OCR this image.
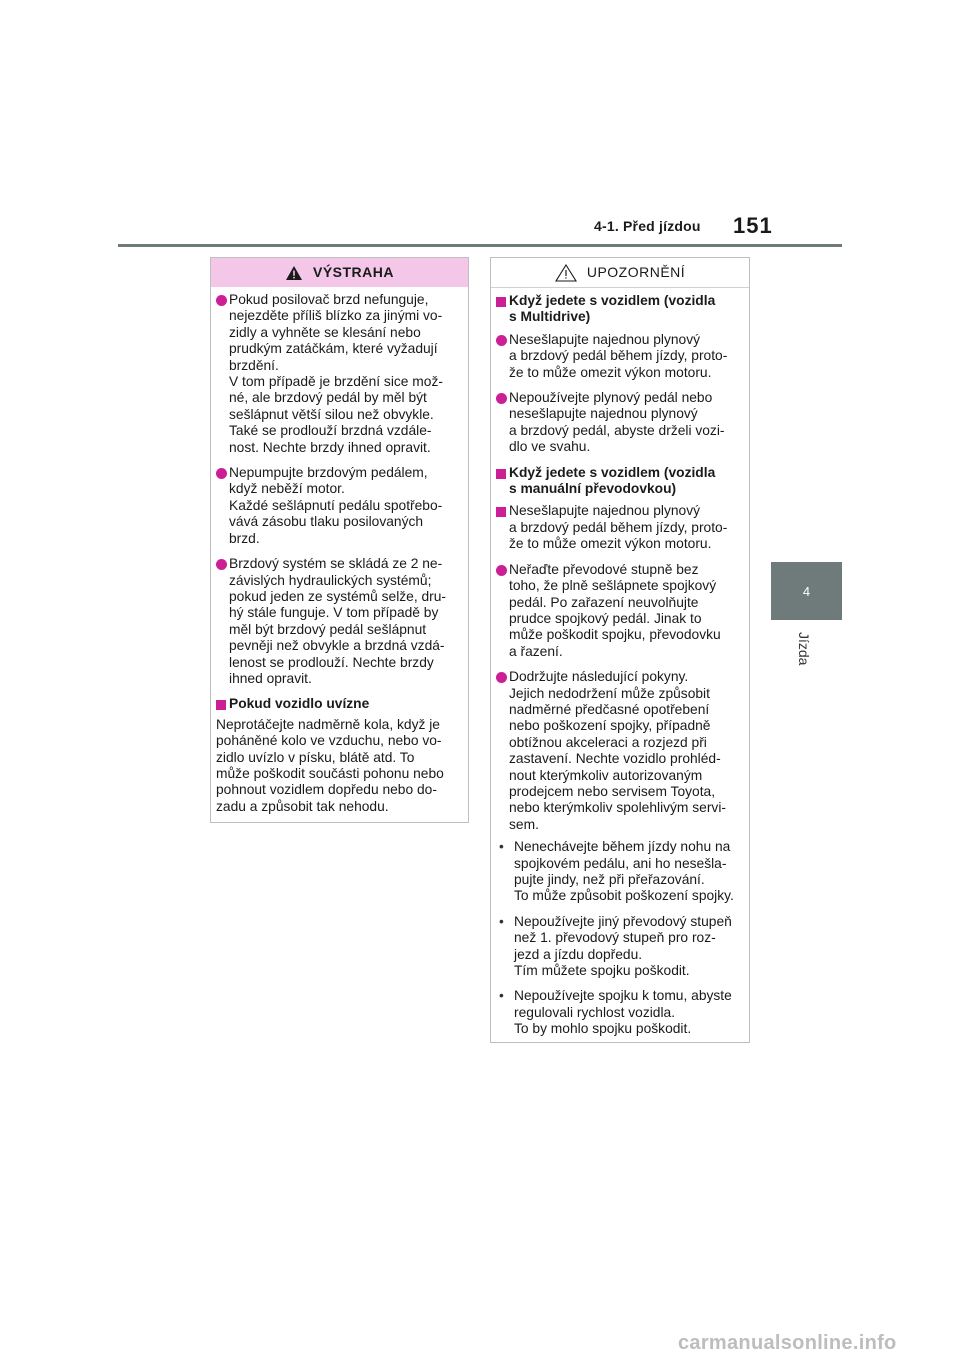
4-1. Před jízdou 151
4
Jízda
VÝSTRAHA
Pokud posilovač brzd nefunguje,
nejezděte příliš blízko za jinými vo-
zidly a vyhněte se klesání nebo
prudkým zatáčkám, které vyžadují
brzdění.
V tom případě je brzdění sice mož-
né, ale brzdový pedál by měl být
sešlápnut větší silou než obvykle.
Také se prodlouží brzdná vzdále-
nost. Nechte brzdy ihned opravit.
Nepumpujte brzdovým pedálem,
když neběží motor.
Každé sešlápnutí pedálu spotřebo-
vává zásobu tlaku posilovaných
brzd.
Brzdový systém se skládá ze 2 ne-
závislých hydraulických systémů;
pokud jeden ze systémů selže, dru-
hý stále funguje. V tom případě by
měl být brzdový pedál sešlápnut
pevněji než obvykle a brzdná vzdá-
lenost se prodlouží. Nechte brzdy
ihned opravit.
Pokud vozidlo uvízne
Neprotáčejte nadměrně kola, když je
poháněné kolo ve vzduchu, nebo vo-
zidlo uvízlo v písku, blátě atd. To
může poškodit součásti pohonu nebo
pohnout vozidlem dopředu nebo do-
zadu a způsobit tak nehodu.
UPOZORNĚNÍ
Když jedete s vozidlem (vozidla
s Multidrive)
Nesešlapujte najednou plynový
a brzdový pedál během jízdy, proto-
že to může omezit výkon motoru.
Nepoužívejte plynový pedál nebo
nesešlapujte najednou plynový
a brzdový pedál, abyste drželi vozi-
dlo ve svahu.
Když jedete s vozidlem (vozidla
s manuální převodovkou)
Nesešlapujte najednou plynový
a brzdový pedál během jízdy, proto-
že to může omezit výkon motoru.
Neřaďte převodové stupně bez
toho, že plně sešlápnete spojkový
pedál. Po zařazení neuvolňujte
prudce spojkový pedál. Jinak to
může poškodit spojku, převodovku
a řazení.
Dodržujte následující pokyny.
Jejich nedodržení může způsobit
nadměrné předčasné opotřebení
nebo poškození spojky, případně
obtížnou akceleraci a rozjezd při
zastavení. Nechte vozidlo prohléd-
nout kterýmkoliv autorizovaným
prodejcem nebo servisem Toyota,
nebo kterýmkoliv spolehlivým servi-
sem.
• Nenechávejte během jízdy nohu na
spojkovém pedálu, ani ho nesešla-
pujte jindy, než při přeřazování.
To může způsobit poškození spojky.
• Nepoužívejte jiný převodový stupeň
než 1. převodový stupeň pro roz-
jezd a jízdu dopředu.
Tím můžete spojku poškodit.
• Nepoužívejte spojku k tomu, abyste
regulovali rychlost vozidla.
To by mohlo spojku poškodit.
carmanualsonline.info
